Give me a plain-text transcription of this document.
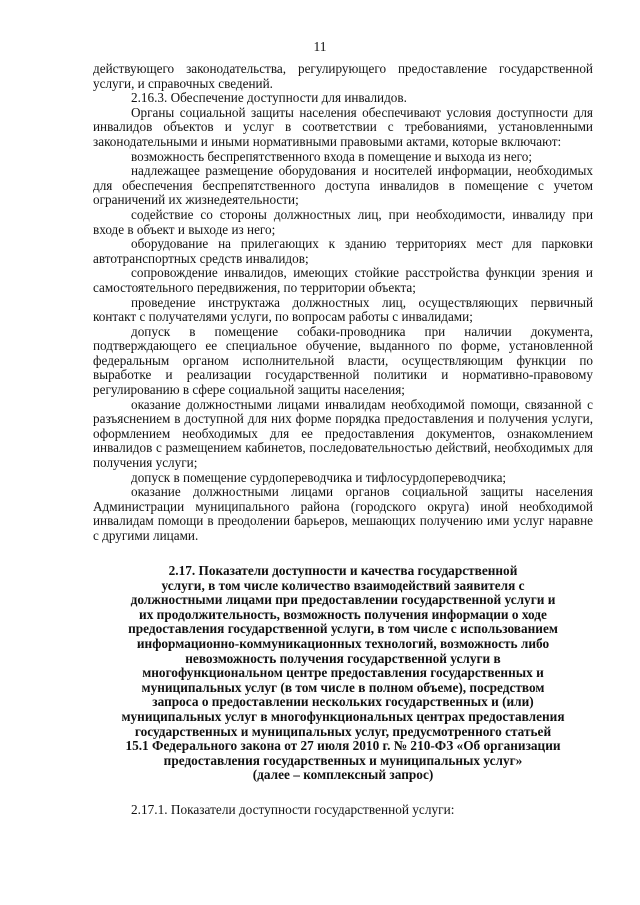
11

действующего законодательства, регулирующего предоставление государственной услуги, и справочных сведений.

2.16.3. Обеспечение доступности для инвалидов.

Органы социальной защиты населения обеспечивают условия доступности для инвалидов объектов и услуг в соответствии с требованиями, установленными законодательными и иными нормативными правовыми актами, которые включают:

возможность беспрепятственного входа в помещение и выхода из него;

надлежащее размещение оборудования и носителей информации, необходимых для обеспечения беспрепятственного доступа инвалидов в помещение с учетом ограничений их жизнедеятельности;

содействие со стороны должностных лиц, при необходимости, инвалиду при входе в объект и выходе из него;

оборудование на прилегающих к зданию территориях мест для парковки автотранспортных средств инвалидов;

сопровождение инвалидов, имеющих стойкие расстройства функции зрения и самостоятельного передвижения, по территории объекта;

проведение инструктажа должностных лиц, осуществляющих первичный контакт с получателями услуги, по вопросам работы с инвалидами;

допуск в помещение собаки-проводника при наличии документа, подтверждающего ее специальное обучение, выданного по форме, установленной федеральным органом исполнительной власти, осуществляющим функции по выработке и реализации государственной политики и нормативно-правовому регулированию в сфере социальной защиты населения;

оказание должностными лицами инвалидам необходимой помощи, связанной с разъяснением в доступной для них форме порядка предоставления и получения услуги, оформлением необходимых для ее предоставления документов, ознакомлением инвалидов с размещением кабинетов, последовательностью действий, необходимых для получения услуги;

допуск в помещение сурдопереводчика и тифлосурдопереводчика;

оказание должностными лицами органов социальной защиты населения Администрации муниципального района (городского округа) иной необходимой инвалидам помощи в преодолении барьеров, мешающих получению ими услуг наравне с другими лицами.

2.17. Показатели доступности и качества государственной

услуги, в том числе количество взаимодействий заявителя с

должностными лицами при предоставлении государственной услуги и

их продолжительность, возможность получения информации о ходе

предоставления государственной услуги, в том числе с использованием

информационно-коммуникационных технологий, возможность либо

невозможность получения государственной услуги в

многофункциональном центре предоставления государственных и

муниципальных услуг (в том числе в полном объеме), посредством

запроса о предоставлении нескольких государственных и (или)

муниципальных услуг в многофункциональных центрах предоставления

государственных и муниципальных услуг, предусмотренного статьей

15.1 Федерального закона от 27 июля 2010 г. № 210-ФЗ «Об организации

предоставления государственных и муниципальных услуг»

(далее – комплексный запрос)

2.17.1. Показатели доступности государственной услуги:
